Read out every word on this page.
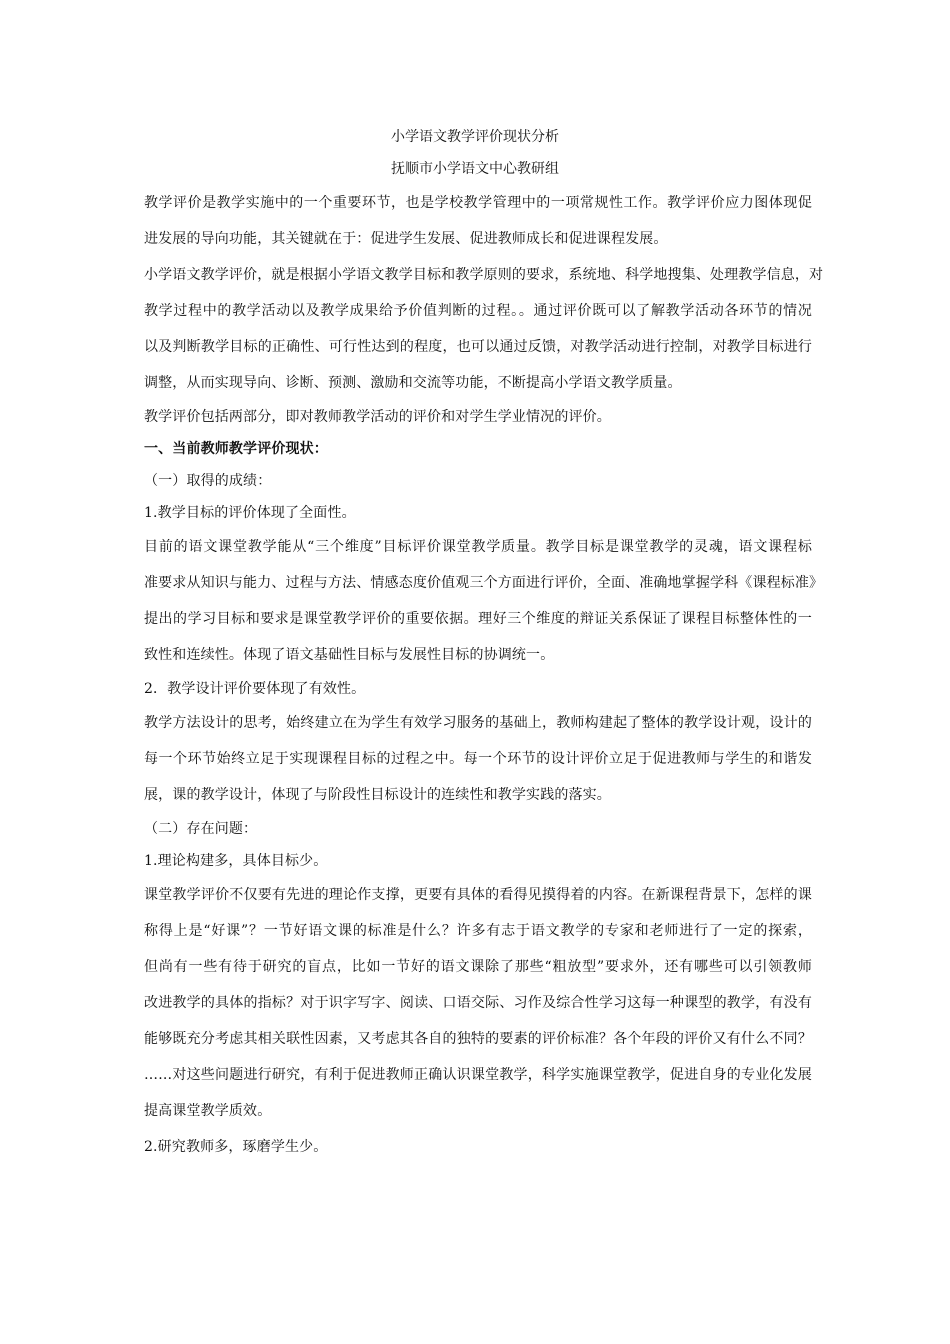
小学语文教学评价现状分析
抚顺市小学语文中心教研组
教学评价是教学实施中的一个重要环节，也是学校教学管理中的一项常规性工作。教学评价应力图体现促
进发展的导向功能，其关键就在于：促进学生发展、促进教师成长和促进课程发展。
小学语文教学评价，就是根据小学语文教学目标和教学原则的要求，系统地、科学地搜集、处理教学信息，对
教学过程中的教学活动以及教学成果给予价值判断的过程。。通过评价既可以了解教学活动各环节的情况
以及判断教学目标的正确性、可行性达到的程度，也可以通过反馈，对教学活动进行控制，对教学目标进行
调整，从而实现导向、诊断、预测、激励和交流等功能，不断提高小学语文教学质量。
教学评价包括两部分，即对教师教学活动的评价和对学生学业情况的评价。
一、当前教师教学评价现状：
（一）取得的成绩：
1.教学目标的评价体现了全面性。
目前的语文课堂教学能从“三个维度”目标评价课堂教学质量。教学目标是课堂教学的灵魂，语文课程标
准要求从知识与能力、过程与方法、情感态度价值观三个方面进行评价，全面、准确地掌握学科《课程标准》
提出的学习目标和要求是课堂教学评价的重要依据。理好三个维度的辩证关系保证了课程目标整体性的一
致性和连续性。体现了语文基础性目标与发展性目标的协调统一。
2．教学设计评价要体现了有效性。
教学方法设计的思考，始终建立在为学生有效学习服务的基础上，教师构建起了整体的教学设计观，设计的
每一个环节始终立足于实现课程目标的过程之中。每一个环节的设计评价立足于促进教师与学生的和谐发
展，课的教学设计，体现了与阶段性目标设计的连续性和教学实践的落实。
（二）存在问题：
1.理论构建多，具体目标少。
课堂教学评价不仅要有先进的理论作支撑，更要有具体的看得见摸得着的内容。在新课程背景下，怎样的课
称得上是“好课”？一节好语文课的标准是什么？许多有志于语文教学的专家和老师进行了一定的探索，
但尚有一些有待于研究的盲点，比如一节好的语文课除了那些“粗放型”要求外，还有哪些可以引领教师
改进教学的具体的指标？对于识字写字、阅读、口语交际、习作及综合性学习这每一种课型的教学，有没有
能够既充分考虑其相关联性因素，又考虑其各自的独特的要素的评价标准？各个年段的评价又有什么不同？
……对这些问题进行研究，有利于促进教师正确认识课堂教学，科学实施课堂教学，促进自身的专业化发展
提高课堂教学质效。
2.研究教师多，琢磨学生少。
